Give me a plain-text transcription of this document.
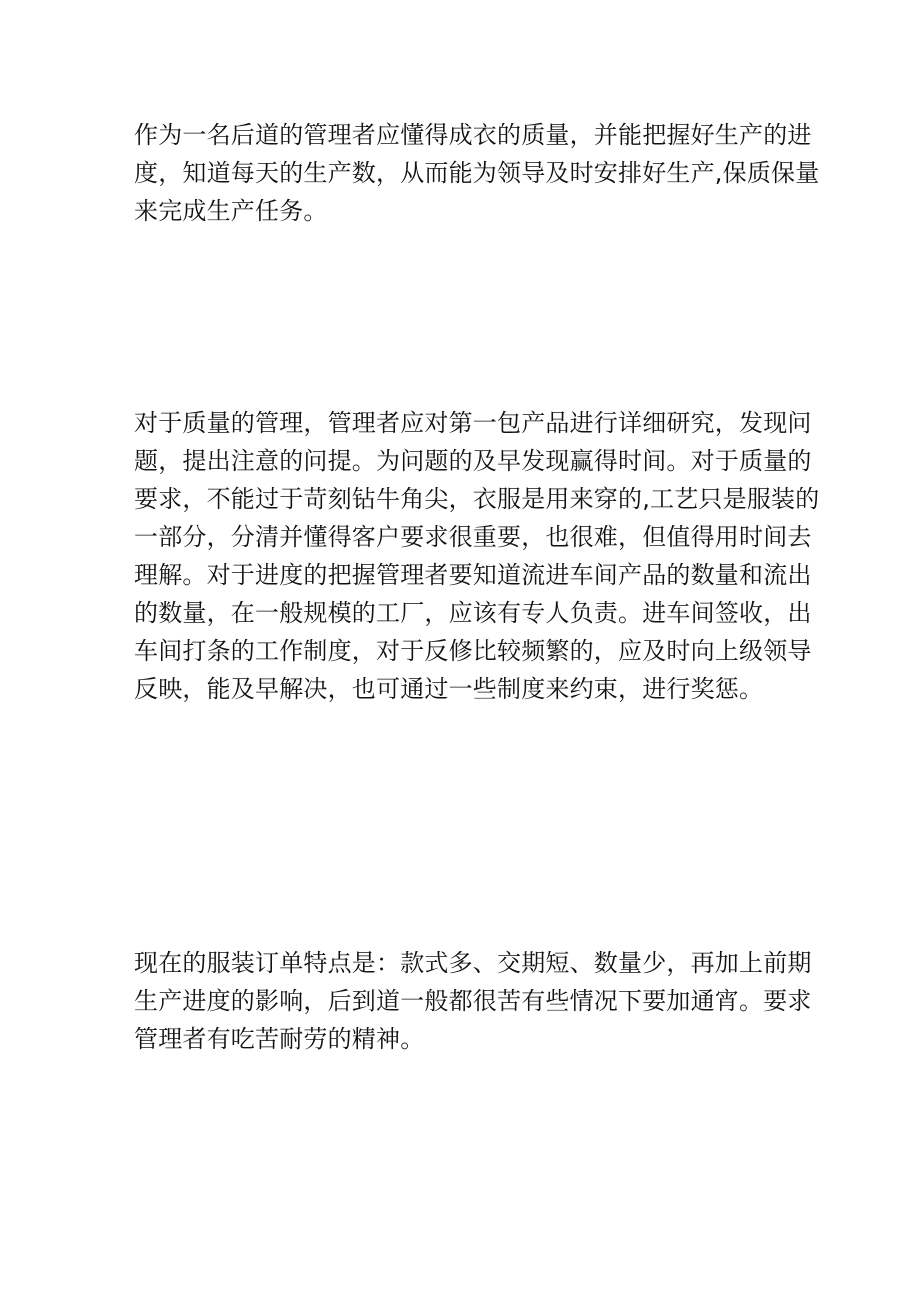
作为一名后道的管理者应懂得成衣的质量，并能把握好生产的进
度，知道每天的生产数，从而能为领导及时安排好生产,保质保量
来完成生产任务。

对于质量的管理，管理者应对第一包产品进行详细研究，发现问
题，提出注意的问提。为问题的及早发现赢得时间。对于质量的
要求，不能过于苛刻钻牛角尖，衣服是用来穿的,工艺只是服装的
一部分，分清并懂得客户要求很重要，也很难，但值得用时间去
理解。对于进度的把握管理者要知道流进车间产品的数量和流出
的数量，在一般规模的工厂，应该有专人负责。进车间签收，出
车间打条的工作制度，对于反修比较频繁的，应及时向上级领导
反映，能及早解决，也可通过一些制度来约束，进行奖惩。

现在的服装订单特点是：款式多、交期短、数量少，再加上前期
生产进度的影响，后到道一般都很苦有些情况下要加通宵。要求
管理者有吃苦耐劳的精神。
